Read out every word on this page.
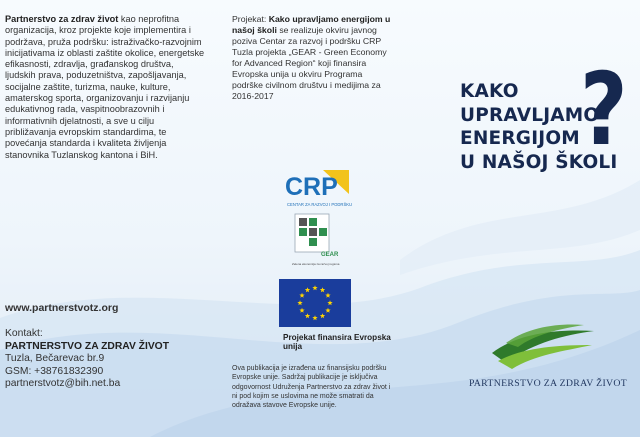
Partnerstvo za zdrav život kao neprofitna organizacija, kroz projekte koje implementira i podržava, pruža podršku: istraživačko-razvojnim inicijativama iz oblasti zaštite okolice, energetske efikasnosti, zdravlja, građanskog društva, ljudskih prava, poduzetništva, zapošljavanja, socijalne zaštite, turizma, nauke, kulture, amaterskog sporta, organizovanju i razvijanju edukativnog rada, vaspitnoobrazovnih i informativnih djelatnosti, a sve u cilju približavanja evropskim standardima, te povećanja standarda i kvaliteta življenja stanovnika Tuzlanskog kantona i BiH.
www.partnerstvotz.org
Kontakt:
PARTNERSTVO ZA ZDRAV ŽIVOT
Tuzla, Bečarevac br.9
GSM: +38761832390
partnerstvotz@bih.net.ba
Projekat: Kako upravljamo energijom u našoj školi se realizuje okviru javnog poziva Centar za razvoj i podršku CRP Tuzla projekta „GEAR - Green Economy for Advanced Region“ koji finansira Evropska unija u okviru Programa podrške civilnom društvu i medijima za 2016-2017
CRP
CENTAR ZA RAZVOJ I PODRŠKU
GEAR
Zelena ekonomija za razvoj regiona
Projekat finansira Evropska unija
Ova publikacija je izrađena uz finansijsku podršku Evropske unije. Sadržaj publikacije je isključiva odgovornost Udruženja Partnerstvo za zdrav život i ni pod kojim se uslovima ne može smatrati da odražava stavove Evropske unije.
KAKO
UPRAVLJAMO
ENERGIJOM
U NAŠOJ ŠKOLI
?
PARTNERSTVO ZA ZDRAV ŽIVOT
